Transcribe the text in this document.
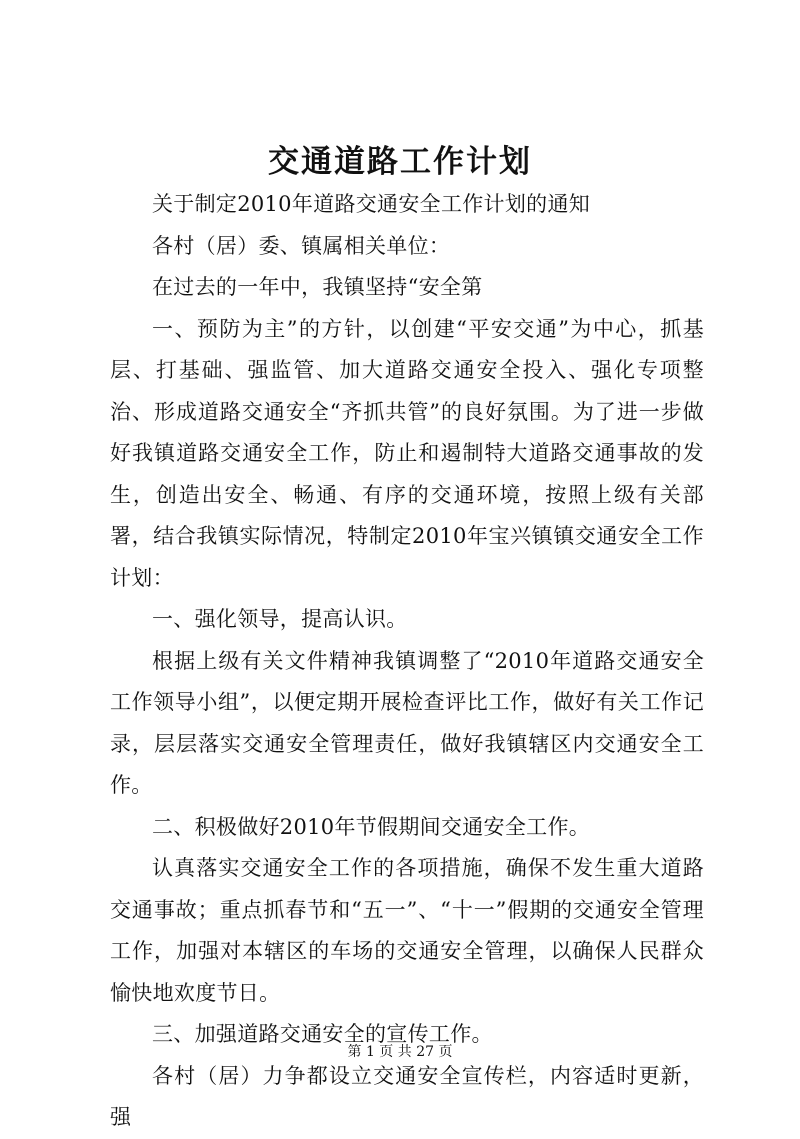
交通道路工作计划

关于制定2010年道路交通安全工作计划的通知

各村（居）委、镇属相关单位：

在过去的一年中，我镇坚持“安全第

一、预防为主”的方针，以创建“平安交通”为中心，抓基层、打基础、强监管、加大道路交通安全投入、强化专项整治、形成道路交通安全“齐抓共管”的良好氛围。为了进一步做好我镇道路交通安全工作，防止和遏制特大道路交通事故的发生，创造出安全、畅通、有序的交通环境，按照上级有关部署，结合我镇实际情况，特制定2010年宝兴镇镇交通安全工作计划：

一、强化领导，提高认识。

根据上级有关文件精神我镇调整了“2010年道路交通安全工作领导小组”，以便定期开展检查评比工作，做好有关工作记录，层层落实交通安全管理责任，做好我镇辖区内交通安全工作。

二、积极做好2010年节假期间交通安全工作。

认真落实交通安全工作的各项措施，确保不发生重大道路交通事故；重点抓春节和“五一”、“十一”假期的交通安全管理工作，加强对本辖区的车场的交通安全管理，以确保人民群众愉快地欢度节日。

三、加强道路交通安全的宣传工作。

各村（居）力争都设立交通安全宣传栏，内容适时更新，强

第 1 页 共 27 页
